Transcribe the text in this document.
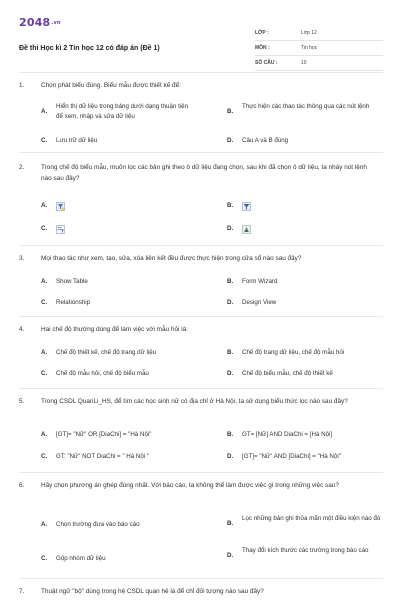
2048.vn
Đề thi Học kì 2 Tin học 12 có đáp án (Đề 1)
LỚP :	Lớp 12
MÔN :	Tin học
SỐ CÂU :	10
1.	Chọn phát biểu đúng. Biểu mẫu được thiết kế để:
A.
Hiển thị dữ liệu trong bảng dưới dạng thuận tiện để xem, nhập và sửa dữ liệu
B.
Thực hiện các thao tác thông qua các nút lệnh
C. Lưu trữ dữ liệu	D. Câu A và B đúng
2.	Trong chế độ biểu mẫu, muốn lọc các bản ghi theo ô dữ liệu đang chọn, sau khi đã chọn ô dữ liệu, ta nháy nút lệnh nào sau đây?
A.	B.
C.	D.
3.	Mọi thao tác như xem, tạo, sửa, xóa liên kết đều được thực hiện trong cửa sổ nào sau đây?
A. Show Table	B. Form Wizard
C. Relationship	D. Design View
4.	Hai chế độ thường dùng để làm việc với mẫu hỏi là:
A. Chế độ thiết kế, chế độ trang dữ liệu	B. Chế độ trang dữ liệu, chế độ mẫu hỏi
C. Chế độ mẫu hỏi, chế độ biểu mẫu	D. Chế độ biểu mẫu, chế độ thiết kế
5.	Trong CSDL QuanLi_HS, để tìm các học sinh nữ có địa chỉ ở Hà Nội, ta sử dụng biểu thức lọc nào sau đây?
A. [GT]= "Nữ" OR [DiaChi] = "Hà Nội"	B. GT= [Nữ] AND DiaChi = [Hà Nội]
C. GT: "Nữ" NOT DiaChi = " Hà Nội "	D. [GT]= "Nữ" AND [DiaChi] = "Hà Nội"
6.	Hãy chọn phương án ghép đúng nhất. Với báo cáo, ta không thể làm được việc gì trong những việc sau?
A. Chọn trường đưa vào báo cáo	B.
Lọc những bản ghi thỏa mãn một điều kiện nào đó
C. Gộp nhóm dữ liệu	D.
Thay đổi kích thước các trường trong báo cáo
7.	Thuật ngữ "bộ" dùng trong hệ CSDL quan hệ là để chỉ đối tượng nào sau đây?
